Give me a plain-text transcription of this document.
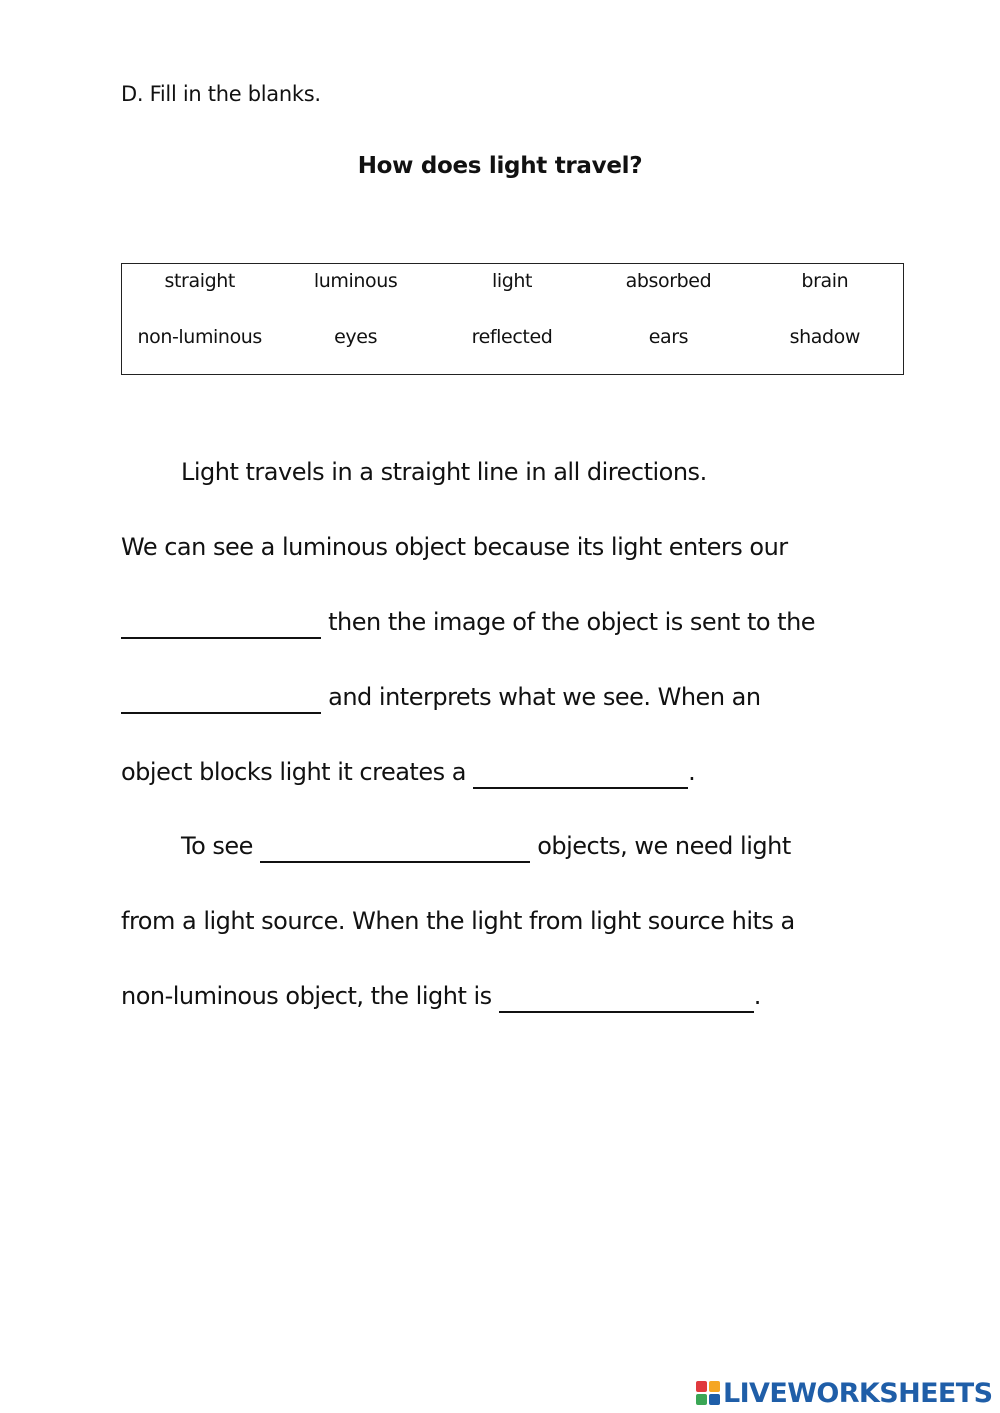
D. Fill in the blanks.
How does light travel?
straight	luminous	light	absorbed	brain
non-luminous	eyes	reflected	ears	shadow
Light travels in a straight line in all directions.
We can see a luminous object because its light enters our
then the image of the object is sent to the
and interprets what we see. When an
object blocks light it creates a	.
To see	objects, we need light
from a light source. When the light from light source hits a
non-luminous object, the light is	.
LIVEWORKSHEETS
